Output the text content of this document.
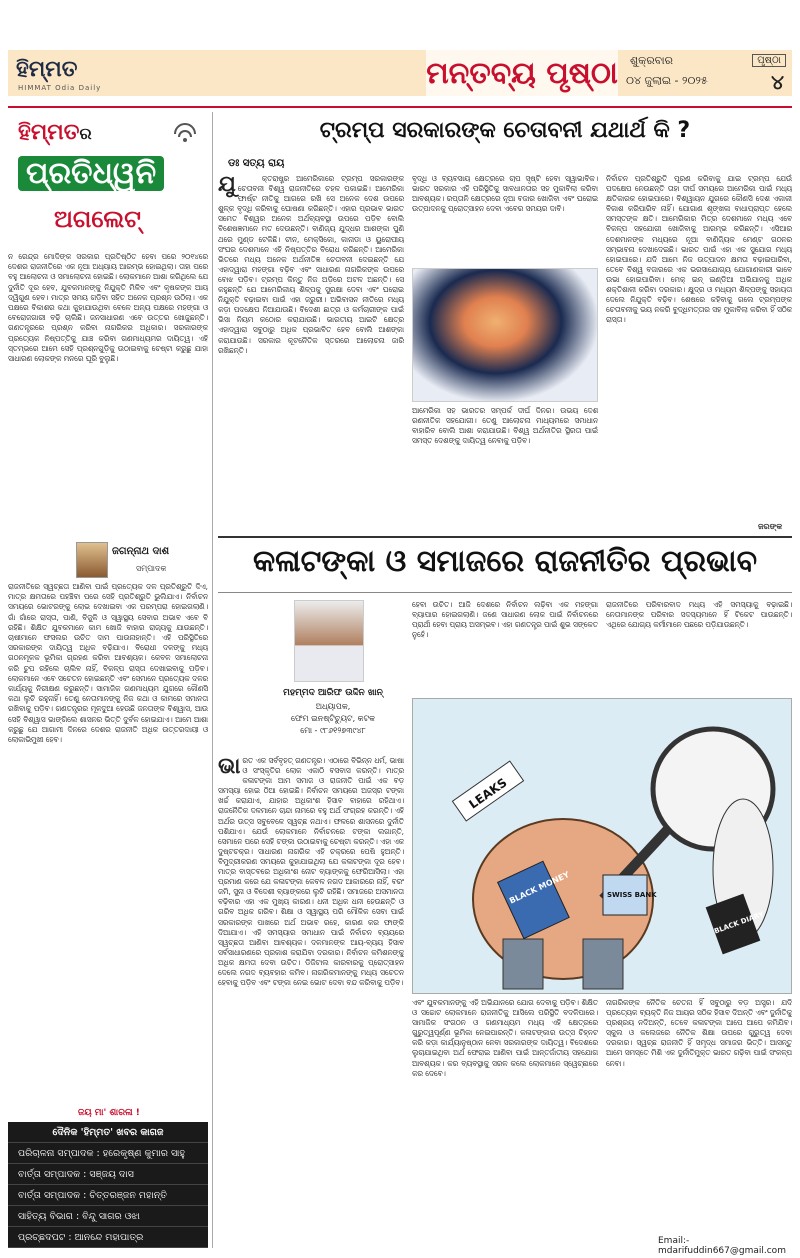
ହିମ୍ମତ
HIMMAT Odia Daily	ମନ୍ତବ୍ୟ ପୃଷ୍ଠା ଶୁକ୍ରବାର
୦୪ ଜୁଲାଇ - ୨୦୨୫
ପୃଷ୍ଠା
୪
ହିମ୍ମତର
ପ୍ରତିଧ୍ୱନି
ଅଗଲେଟ୍
ନ ରେନ୍ଦ୍ର ମୋଦିଙ୍କ ସରକାର ପ୍ରତିଷ୍ଠିତ ହେବା ପରେ ୨୦୧୪ରେ ଦେଶର ରାଜନୀତିରେ ଏକ ନୂଆ ଅଧ୍ୟାୟ ଆରମ୍ଭ ହୋଇଥିଲା। ତାହା ପରେ ବହୁ ଆଲୋଚନା ଓ ସମାଲୋଚନା ହୋଇଛି। ଲୋକମାନେ ଆଶା କରିଥିଲେ ଯେ ଦୁର୍ନୀତି ଦୂର ହେବ, ଯୁବକମାନଙ୍କୁ ନିଯୁକ୍ତି ମିଳିବ ଏବଂ କୃଷକଙ୍କ ଆୟ ଦ୍ୱିଗୁଣ ହେବ। ମାତ୍ର ସମୟ ଗଡ଼ିବା ସହିତ ଅନେକ ପ୍ରଶ୍ନ ଉଠିଲା। ଏକ ପକ୍ଷରେ ବିକାଶର କଥା କୁହାଯାଉଥିବା ବେଳେ ଅନ୍ୟ ପକ୍ଷରେ ମହଙ୍ଗା ଓ ବେରୋଜଗାରୀ ବଢ଼ି ଚାଲିଛି। ଜନସାଧାରଣ ଏବେ ଉତ୍ତର ଖୋଜୁଛନ୍ତି। ଗଣତନ୍ତ୍ରରେ ପ୍ରଶ୍ନ କରିବା ନାଗରିକର ଅଧିକାର। ସରକାରଙ୍କ ପ୍ରତ୍ୟେକ ନିଷ୍ପତ୍ତିକୁ ଯାଞ୍ଚ କରିବା ଗଣମାଧ୍ୟମର ଦାୟିତ୍ୱ। ଏହି ସ୍ତମ୍ଭରେ ଆମେ ସେହି ପ୍ରଶ୍ନଗୁଡ଼ିକୁ ଉଠାଇବାକୁ ଚେଷ୍ଟା କରୁଛୁ ଯାହା ସାଧାରଣ ଲୋକଙ୍କ ମନରେ ଘୂରି ବୁଲୁଛି।
ଜଗନ୍ନାଥ ଦାଶ
ସମ୍ପାଦକ
ରାଜନୀତିରେ ସ୍ୱଚ୍ଛତା ଆଣିବା ପାଇଁ ପ୍ରତ୍ୟେକ ଦଳ ପ୍ରତିଶ୍ରୁତି ଦିଏ, ମାତ୍ର କ୍ଷମତାରେ ପହଞ୍ଚିବା ପରେ ସେହି ପ୍ରତିଶ୍ରୁତି ଭୁଲିଯାଏ। ନିର୍ବାଚନ ସମୟରେ ଭୋଟରଙ୍କୁ ଲୋଭ ଦେଖାଇବା ଏକ ପରମ୍ପରା ହୋଇଗଲାଣି। ଗାଁ ଗାଁରେ ରାସ୍ତା, ପାଣି, ବିଜୁଳି ଓ ସ୍ୱାସ୍ଥ୍ୟ ସେବାର ଅଭାବ ଏବେ ବି ରହିଛି। ଶିକ୍ଷିତ ଯୁବକମାନେ କାମ ଖୋଜି ବାହାର ରାଜ୍ୟକୁ ଯାଉଛନ୍ତି। ଚାଷୀମାନେ ଫସଲର ଉଚିତ ଦାମ ପାଉନାହାନ୍ତି। ଏହି ପରିସ୍ଥିତିରେ ସରକାରଙ୍କ ଦାୟିତ୍ୱ ଅଧିକ ବଢ଼ିଯାଏ। ବିରୋଧୀ ଦଳଙ୍କୁ ମଧ୍ୟ ଗଠନମୂଳକ ଭୂମିକା ଗ୍ରହଣ କରିବା ଆବଶ୍ୟକ। କେବଳ ସମାଲୋଚନା କରି ଚୁପ ରହିଲେ ଚାଲିବ ନାହିଁ, ବିକଳ୍ପ ରାସ୍ତା ଦେଖାଇବାକୁ ପଡ଼ିବ। ଲୋକମାନେ ଏବେ ସଚେତନ ହୋଇଛନ୍ତି ଏବଂ ସେମାନେ ପ୍ରତ୍ୟେକ ଦଳର କାର୍ଯ୍ୟକୁ ନିରୀକ୍ଷଣ କରୁଛନ୍ତି। ସାମାଜିକ ଗଣମାଧ୍ୟମ ଯୁଗରେ କୌଣସି କଥା ଲୁଚି ରହୁନାହିଁ। ତେଣୁ ନେତାମାନଙ୍କୁ ନିଜ କଥା ଓ କାମରେ ସମାନତା ରଖିବାକୁ ପଡ଼ିବ। ଗଣତନ୍ତ୍ରର ମୂଳଦୁଆ ହେଉଛି ଜନତାଙ୍କ ବିଶ୍ୱାସ, ଆଉ ସେହି ବିଶ୍ୱାସ ଭାଙ୍ଗିଲେ ଶାସନର ଭିତ୍ତି ଦୁର୍ବଳ ହୋଇଯାଏ। ଆମେ ଆଶା କରୁଛୁ ଯେ ଆଗାମୀ ଦିନରେ ଦେଶର ରାଜନୀତି ଅଧିକ ଉତ୍ତରଦାୟୀ ଓ ଲୋକାଭିମୁଖୀ ହେବ।
ଜୟ ମା' ଶାରଳା !
ଦୈନିକ 'ହିମ୍ମତ' ଖବର କାଗଜ
ପରିଚାଳନା ସମ୍ପାଦକ : ହରେକୃଷ୍ଣ କୁମାର ସାହୁ
ବାର୍ତ୍ତା ସମ୍ପାଦକ : ସଞ୍ଜୟ ଦାସ
ବାର୍ତ୍ତା ସମ୍ପାଦକ : ଚିତ୍ତରଞ୍ଜନ ମହାନ୍ତି
ସାହିତ୍ୟ ବିଭାଗ : ବିନ୍ଦୁ ସାଗର ଓଝା
ପ୍ରଚ୍ଛଦପଟ : ଆନନ୍ଦେ ମହାପାତ୍ର
ଟ୍ରମ୍ପ ସରକାରଙ୍କ ଚେତାବନୀ ଯଥାର୍ଥ କି ?
ଡଃ ସତ୍ୟ ରାୟ
ଯୁ	କ୍ତରାଷ୍ଟ୍ର ଆମେରିକାରେ ଟ୍ରମ୍ପ ସରକାରଙ୍କ ଚେତାବନୀ ବିଶ୍ୱ ରାଜନୀତିରେ ଚହଳ ପକାଇଛି। ଆମେରିକା ଫାର୍ଷ୍ଟ ନୀତିକୁ ଆଗରେ ରଖି ସେ ଅନେକ ଦେଶ ଉପରେ ଶୁଳ୍କ ବୃଦ୍ଧି କରିବାକୁ ଘୋଷଣା କରିଛନ୍ତି। ଏହାର ପ୍ରଭାବ ଭାରତ ସମେତ ବିଶ୍ୱର ଅନେକ ଅର୍ଥବ୍ୟବସ୍ଥା ଉପରେ ପଡ଼ିବ ବୋଲି ବିଶେଷଜ୍ଞମାନେ ମତ ଦେଉଛନ୍ତି। ବାଣିଜ୍ୟ ଯୁଦ୍ଧର ଆଶଙ୍କା ପୁଣି ଥରେ ମୁଣ୍ଡ ଟେକିଛି। ଚୀନ, ମେକ୍ସିକୋ, କାନାଡା ଓ ୟୁରୋପୀୟ ସଂଘର ଦେଶମାନେ ଏହି ନିଷ୍ପତ୍ତିର ବିରୋଧ କରିଛନ୍ତି। ଆମେରିକା ଭିତରେ ମଧ୍ୟ ଅନେକ ଅର୍ଥନୀତିଜ୍ଞ ଚେତାବନୀ ଦେଇଛନ୍ତି ଯେ ଏହାଦ୍ୱାରା ମହଙ୍ଗା ବଢ଼ିବ ଏବଂ ସାଧାରଣ ନାଗରିକଙ୍କ ଉପରେ ବୋଝ ପଡ଼ିବ। ଟ୍ରମ୍ପ କିନ୍ତୁ ନିଜ ଅଡ଼ିରେ ଅଟଳ ଅଛନ୍ତି। ସେ କହୁଛନ୍ତି ଯେ ଆମେରିକୀୟ ଶିଳ୍ପକୁ ସୁରକ୍ଷା ଦେବା ଏବଂ ଘରୋଇ ନିଯୁକ୍ତି ବଢ଼ାଇବା ପାଇଁ ଏହା ଜରୁରୀ। ଅଭିବାସନ ନୀତିରେ ମଧ୍ୟ କଡ଼ା ପଦକ୍ଷେପ ନିଆଯାଉଛି। ବିଦେଶୀ ଛାତ୍ର ଓ କର୍ମଚାରୀଙ୍କ ପାଇଁ ଭିସା ନିୟମ କଠୋର କରାଯାଉଛି। ଭାରତୀୟ ଆଇଟି କ୍ଷେତ୍ର ଏହାଦ୍ୱାରା ସବୁଠାରୁ ଅଧିକ ପ୍ରଭାବିତ ହେବ ବୋଲି ଆଶଙ୍କା କରାଯାଉଛି। ସରକାର କୂଟନୈତିକ ସ୍ତରରେ ଆଲୋଚନା ଜାରି ରଖିଛନ୍ତି।
ବୃଦ୍ଧି ଓ ବ୍ୟବସାୟ କ୍ଷେତ୍ରରେ ଚାପ ସୃଷ୍ଟି ହେବା ସ୍ୱାଭାବିକ। ଭାରତ ସରକାର ଏହି ପରିସ୍ଥିତିକୁ ସାବଧାନତାର ସହ ମୁକାବିଲା କରିବା ଆବଶ୍ୟକ। ରପ୍ତାନି କ୍ଷେତ୍ରରେ ନୂଆ ବଜାର ଖୋଜିବା ଏବଂ ଘରୋଇ ଉତ୍ପାଦନକୁ ପ୍ରୋତ୍ସାହନ ଦେବା ଏବେର ସମୟର ଦାବି।
ଆମେରିକା ସହ ଭାରତର ସମ୍ପର୍କ ଦୀର୍ଘ ଦିନର। ଉଭୟ ଦେଶ ରଣନୀତିକ ସହଯୋଗୀ। ତେଣୁ ଆଲୋଚନା ମାଧ୍ୟମରେ ସମାଧାନ ବାହାରିବ ବୋଲି ଆଶା କରାଯାଉଛି। ବିଶ୍ୱ ଅର୍ଥନୀତିର ସ୍ଥିରତା ପାଇଁ ସମସ୍ତ ଦେଶଙ୍କୁ ଦାୟିତ୍ୱ ନେବାକୁ ପଡ଼ିବ।
ନିର୍ବାଚନ ପ୍ରତିଶ୍ରୁତି ପୂରଣ କରିବାକୁ ଯାଇ ଟ୍ରମ୍ପ ଯେଉଁ ପଦକ୍ଷେପ ନେଉଛନ୍ତି ତାହା ଦୀର୍ଘ ସମୟରେ ଆମେରିକା ପାଇଁ ମଧ୍ୟ କ୍ଷତିକାରକ ହୋଇପାରେ। ବିଶ୍ୱାୟନ ଯୁଗରେ କୌଣସି ଦେଶ ଏକାକୀ ବିକାଶ କରିପାରିବ ନାହିଁ। ଯୋଗାଣ ଶୃଙ୍ଖଳା ବାଧାପ୍ରାପ୍ତ ହେଲେ ସମସ୍ତଙ୍କ କ୍ଷତି। ଆମେରିକାର ମିତ୍ର ଦେଶମାନେ ମଧ୍ୟ ଏବେ ବିକଳ୍ପ ସହଯୋଗୀ ଖୋଜିବାକୁ ଆରମ୍ଭ କରିଛନ୍ତି। ଏସିଆର ଦେଶମାନଙ୍କ ମଧ୍ୟରେ ନୂଆ ବାଣିଜ୍ୟିକ ମେଣ୍ଟ ଗଠନର ସମ୍ଭାବନା ଦେଖାଦେଇଛି। ଭାରତ ପାଇଁ ଏହା ଏକ ସୁଯୋଗ ମଧ୍ୟ ହୋଇପାରେ। ଯଦି ଆମେ ନିଜ ଉତ୍ପାଦନ କ୍ଷମତା ବଢ଼ାଇପାରିବା, ତେବେ ବିଶ୍ୱ ବଜାରରେ ଏକ ଭରସାଯୋଗ୍ୟ ଯୋଗାଣକାରୀ ଭାବେ ଉଭା ହୋଇପାରିବା। ମେକ୍ ଇନ୍ ଇଣ୍ଡିଆ ଅଭିଯାନକୁ ଅଧିକ ଶକ୍ତିଶାଳୀ କରିବା ଦରକାର। କ୍ଷୁଦ୍ର ଓ ମଧ୍ୟମ ଶିଳ୍ପଙ୍କୁ ସହାୟତା ଦେଲେ ନିଯୁକ୍ତି ବଢ଼ିବ। ଶେଷରେ କହିବାକୁ ଗଲେ ଟ୍ରମ୍ପଙ୍କ ଚେତାବନୀକୁ ଭୟ ନକରି ବୁଦ୍ଧିମତ୍ତାର ସହ ମୁକାବିଲା କରିବା ହିଁ ସଠିକ ରାସ୍ତା।
ଜରଙ୍କ
କଳାଟଙ୍କା ଓ ସମାଜରେ ରାଜନୀତିର ପ୍ରଭାବ
ମହମ୍ମଦ ଆରିଫ ଉଦ୍ଦିନ ଖାନ୍
ଅଧ୍ୟାପକ,
ଫେମ ଇନଷ୍ଟିଚ୍ୟୁଟ, କଟକ
ମୋ - ୯୮୬୧୨୭୩୯୪୮
ଭାରତ ଏକ ସର୍ବବୃହତ୍ ଗଣତନ୍ତ୍ର। ଏଠାରେ ବିଭିନ୍ନ ଧର୍ମ, ଭାଷା ଓ ସଂସ୍କୃତିର ଲୋକ ଏକାଠି ବସବାସ କରନ୍ତି। ମାତ୍ର କଳାଟଙ୍କା ଆମ ସମାଜ ଓ ରାଜନୀତି ପାଇଁ ଏକ ବଡ଼ ସମସ୍ୟା ହୋଇ ଠିଆ ହୋଇଛି। ନିର୍ବାଚନ ସମୟରେ ଅଜସ୍ର ଟଙ୍କା ଖର୍ଚ୍ଚ କରାଯାଏ, ଯାହାର ଅଧିକାଂଶ ହିସାବ ବାହାରେ ରହିଥାଏ। ରାଜନୈତିକ ଦଳମାନେ ଚାନ୍ଦା ନାମରେ ବହୁ ଅର୍ଥ ସଂଗ୍ରହ କରନ୍ତି। ଏହି ଅର୍ଥର ଉତ୍ସ ସବୁବେଳେ ସ୍ୱଚ୍ଛ ନଥାଏ। ଫଳରେ ଶାସନରେ ଦୁର୍ନୀତି ପଶିଯାଏ। ଯେଉଁ ଲୋକମାନେ ନିର୍ବାଚନରେ ଟଙ୍କା ଲଗାନ୍ତି, ସେମାନେ ପରେ ସେହି ଟଙ୍କା ଉଠାଇବାକୁ ଚେଷ୍ଟା କରନ୍ତି। ଏହା ଏକ ଦୁଷ୍ଟଚକ୍ର। ସାଧାରଣ ନାଗରିକ ଏହି ଚକ୍ରରେ ପେଷି ହୁଅନ୍ତି। ବିମୁଦ୍ରୀକରଣ ସମୟରେ କୁହାଯାଇଥିଲା ଯେ କଳାଟଙ୍କା ଦୂର ହେବ। ମାତ୍ର ବାସ୍ତବରେ ଅଧିକାଂଶ ନୋଟ ବ୍ୟାଙ୍କକୁ ଫେରିଆସିଲା। ଏହା ପ୍ରମାଣ କରେ ଯେ କଳାଟଙ୍କା କେବଳ ନଗଦ ଆକାରରେ ନାହିଁ, ବରଂ ଜମି, ସୁନା ଓ ବିଦେଶୀ ବ୍ୟାଙ୍କରେ ଲୁଚି ରହିଛି। ସମାଜରେ ଅସମାନତା ବଢ଼ିବାର ଏହା ଏକ ମୁଖ୍ୟ କାରଣ। ଧନୀ ଅଧିକ ଧନୀ ହେଉଛନ୍ତି ଓ ଗରିବ ଅଧିକ ଗରିବ। ଶିକ୍ଷା ଓ ସ୍ୱାସ୍ଥ୍ୟ ପରି ମୌଳିକ ସେବା ପାଇଁ ସରକାରଙ୍କ ପାଖରେ ଅର୍ଥ ଅଭାବ ରହେ, କାରଣ କର ଫାଙ୍କି ଦିଆଯାଏ। ଏହି ସମସ୍ୟାର ସମାଧାନ ପାଇଁ ନିର୍ବାଚନ ବ୍ୟୟରେ ସ୍ୱଚ୍ଛତା ଆଣିବା ଆବଶ୍ୟକ। ଦଳମାନଙ୍କ ଆୟ-ବ୍ୟୟ ହିସାବ ସର୍ବସାଧାରଣରେ ପ୍ରକାଶ କରାଯିବା ଦରକାର। ନିର୍ବାଚନ କମିଶନଙ୍କୁ ଅଧିକ କ୍ଷମତା ଦେବା ଉଚିତ। ଡିଜିଟାଲ କାରବାରକୁ ପ୍ରୋତ୍ସାହନ ଦେଲେ ନଗଦ ବ୍ୟବହାର କମିବ। ନାଗରିକମାନଙ୍କୁ ମଧ୍ୟ ସଚେତନ ହେବାକୁ ପଡ଼ିବ ଏବଂ ଟଙ୍କା ନେଇ ଭୋଟ ଦେବା ବନ୍ଦ କରିବାକୁ ପଡ଼ିବ।
ହେବା ଉଚିତ। ଆଜି ଦେଶରେ ନିର୍ବାଚନ ଲଢ଼ିବା ଏକ ମହଙ୍ଗା ବ୍ୟାପାର ହୋଇଗଲାଣି। ଜଣେ ସାଧାରଣ ଲୋକ ପାଇଁ ନିର୍ବାଚନରେ ପ୍ରାର୍ଥୀ ହେବା ପ୍ରାୟ ଅସମ୍ଭବ। ଏହା ଗଣତନ୍ତ୍ର ପାଇଁ ଶୁଭ ସଙ୍କେତ ନୁହେଁ।
ରାଜନୀତିରେ ପରିବାରବାଦ ମଧ୍ୟ ଏହି ସମସ୍ୟାକୁ ବଢ଼ାଇଛି। ନେତାମାନଙ୍କ ପରିବାର ସଦସ୍ୟମାନେ ହିଁ ଟିକେଟ ପାଉଛନ୍ତି। ଏଥିରେ ଯୋଗ୍ୟ କର୍ମୀମାନେ ପଛରେ ପଡ଼ିଯାଉଛନ୍ତି।
LEAKS
BLACK MONEY	SWISS BANK
BLACK DIARY
ଏବଂ ଯୁବକମାନଙ୍କୁ ଏହି ଅଭିଯାନରେ ଯୋଗ ଦେବାକୁ ପଡ଼ିବ। ଶିକ୍ଷିତ ଓ ସଚ୍ଚୋଟ ଲୋକମାନେ ରାଜନୀତିକୁ ଆସିଲେ ପରିସ୍ଥିତି ବଦଳିପାରେ। ସାମାଜିକ ସଂଗଠନ ଓ ଗଣମାଧ୍ୟମ ମଧ୍ୟ ଏହି କ୍ଷେତ୍ରରେ ଗୁରୁତ୍ୱପୂର୍ଣ୍ଣ ଭୂମିକା ନେଇପାରନ୍ତି। କଳାଟଙ୍କାର ଉତ୍ସ ଚିହ୍ନଟ କରି କଡ଼ା କାର୍ଯ୍ୟାନୁଷ୍ଠାନ ନେବା ସରକାରଙ୍କ ଦାୟିତ୍ୱ। ବିଦେଶରେ ଲୁଚାଯାଇଥିବା ଅର୍ଥ ଫେରାଇ ଆଣିବା ପାଇଁ ଆନ୍ତର୍ଜାତୀୟ ସହଯୋଗ ଆବଶ୍ୟକ। କର ବ୍ୟବସ୍ଥାକୁ ସରଳ କଲେ ଲୋକମାନେ ସ୍ୱେଚ୍ଛାରେ କର ଦେବେ।
ନାଗରିକଙ୍କ ନୈତିକ ଚେତନା ହିଁ ସବୁଠାରୁ ବଡ଼ ଅସ୍ତ୍ର। ଯଦି ପ୍ରତ୍ୟେକ ବ୍ୟକ୍ତି ନିଜ ଆୟର ସଠିକ ହିସାବ ଦିଅନ୍ତି ଏବଂ ଦୁର୍ନୀତିକୁ ପ୍ରଶ୍ରୟ ନଦିଅନ୍ତି, ତେବେ କଳାଟଙ୍କା ଆପେ ଆପେ କମିଯିବ। ସ୍କୁଲ ଓ କଲେଜରେ ନୈତିକ ଶିକ୍ଷା ଉପରେ ଗୁରୁତ୍ୱ ଦେବା ଦରକାର। ସ୍ୱଚ୍ଛ ରାଜନୀତି ହିଁ ସମୃଦ୍ଧ ସମାଜର ଭିତ୍ତି। ଆସନ୍ତୁ ଆମେ ସମସ୍ତେ ମିଶି ଏକ ଦୁର୍ନୀତିମୁକ୍ତ ଭାରତ ଗଢ଼ିବା ପାଇଁ ସଂକଳ୍ପ ନେବା।
Email:- mdarifuddin667@gmail.com
